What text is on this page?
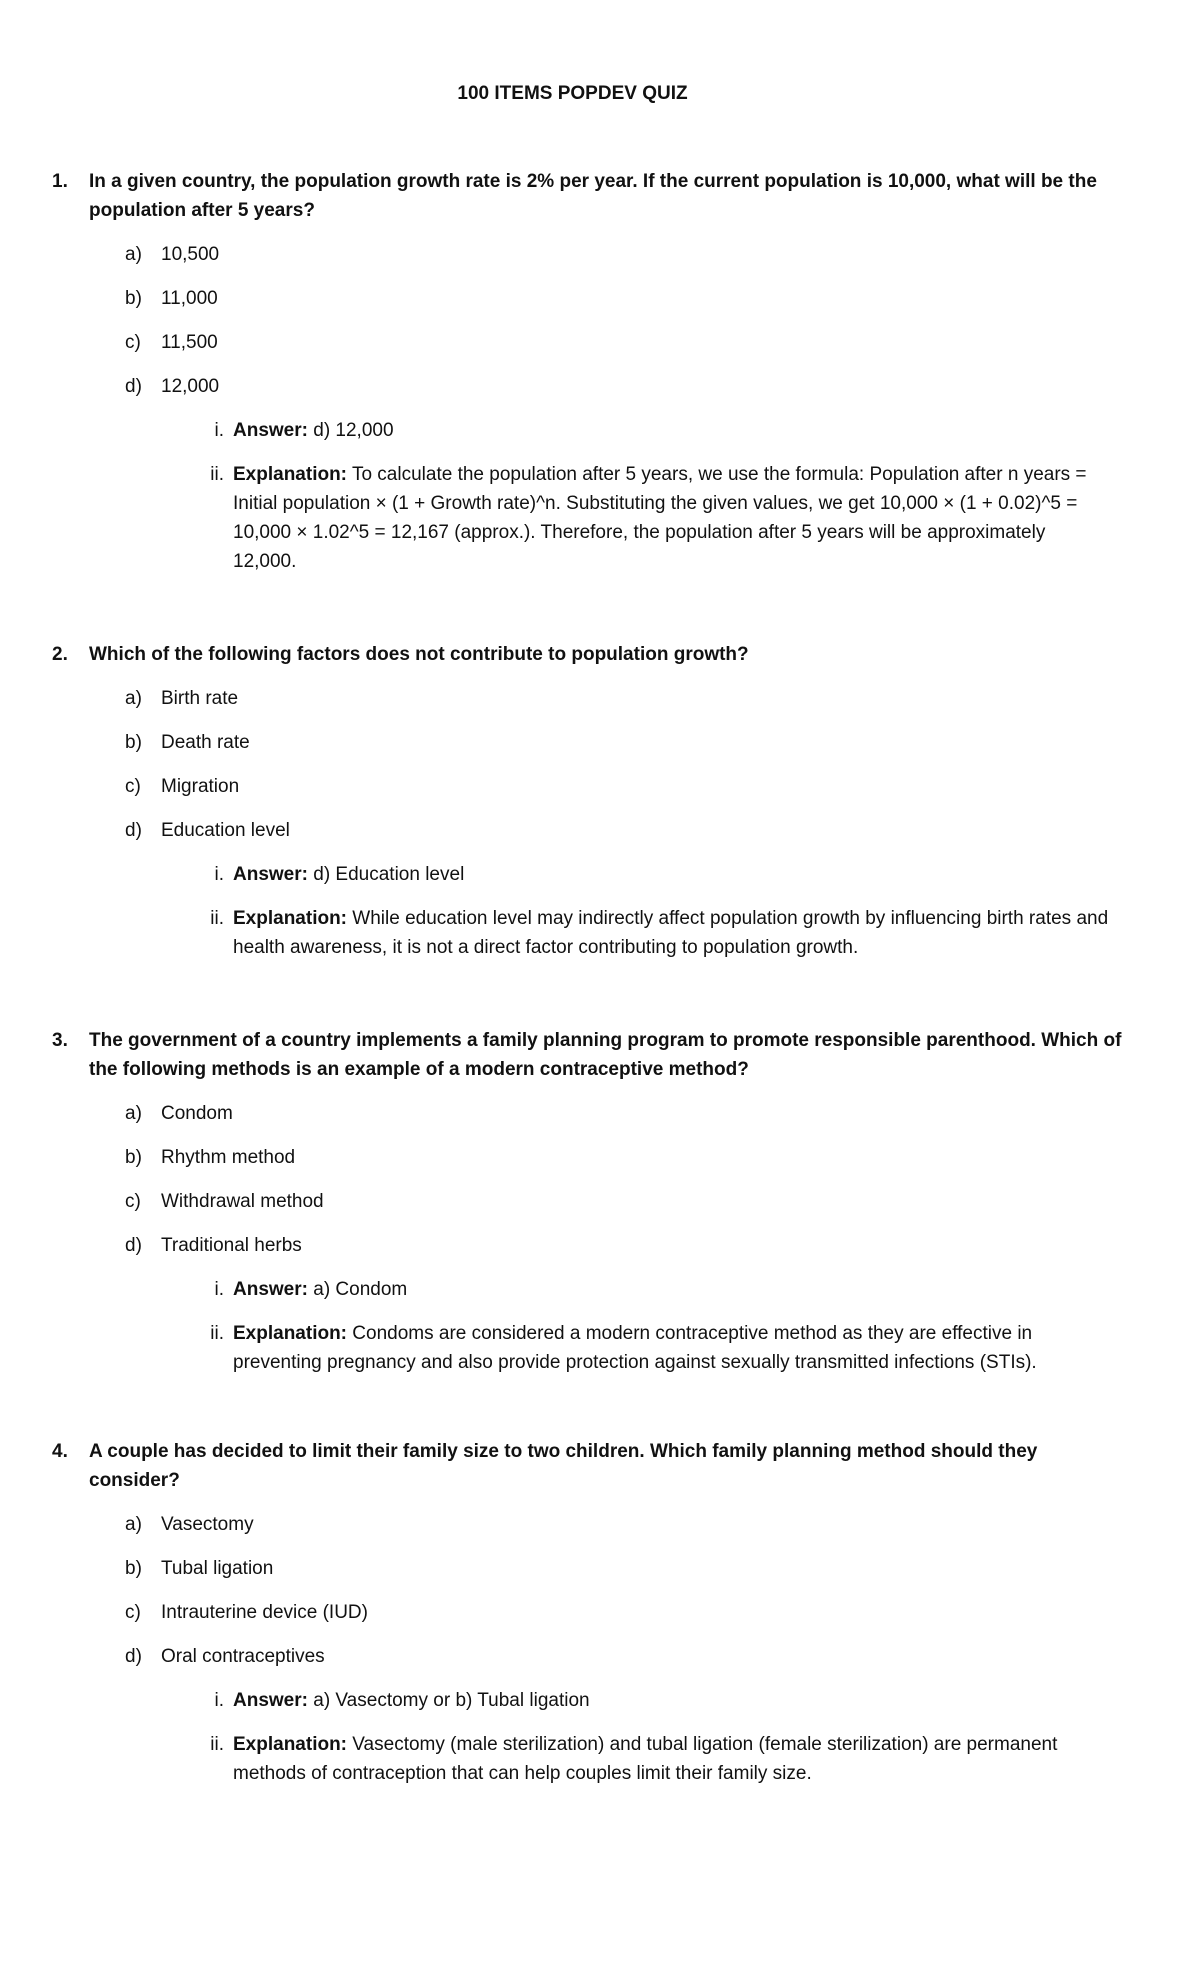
100 ITEMS POPDEV QUIZ
1. In a given country, the population growth rate is 2% per year. If the current population is 10,000, what will be the population after 5 years?
a) 10,500
b) 11,000
c) 11,500
d) 12,000
i. Answer: d) 12,000
ii. Explanation: To calculate the population after 5 years, we use the formula: Population after n years = Initial population × (1 + Growth rate)^n. Substituting the given values, we get 10,000 × (1 + 0.02)^5 = 10,000 × 1.02^5 = 12,167 (approx.). Therefore, the population after 5 years will be approximately 12,000.
2. Which of the following factors does not contribute to population growth?
a) Birth rate
b) Death rate
c) Migration
d) Education level
i. Answer: d) Education level
ii. Explanation: While education level may indirectly affect population growth by influencing birth rates and health awareness, it is not a direct factor contributing to population growth.
3. The government of a country implements a family planning program to promote responsible parenthood. Which of the following methods is an example of a modern contraceptive method?
a) Condom
b) Rhythm method
c) Withdrawal method
d) Traditional herbs
i. Answer: a) Condom
ii. Explanation: Condoms are considered a modern contraceptive method as they are effective in preventing pregnancy and also provide protection against sexually transmitted infections (STIs).
4. A couple has decided to limit their family size to two children. Which family planning method should they consider?
a) Vasectomy
b) Tubal ligation
c) Intrauterine device (IUD)
d) Oral contraceptives
i. Answer: a) Vasectomy or b) Tubal ligation
ii. Explanation: Vasectomy (male sterilization) and tubal ligation (female sterilization) are permanent methods of contraception that can help couples limit their family size.
